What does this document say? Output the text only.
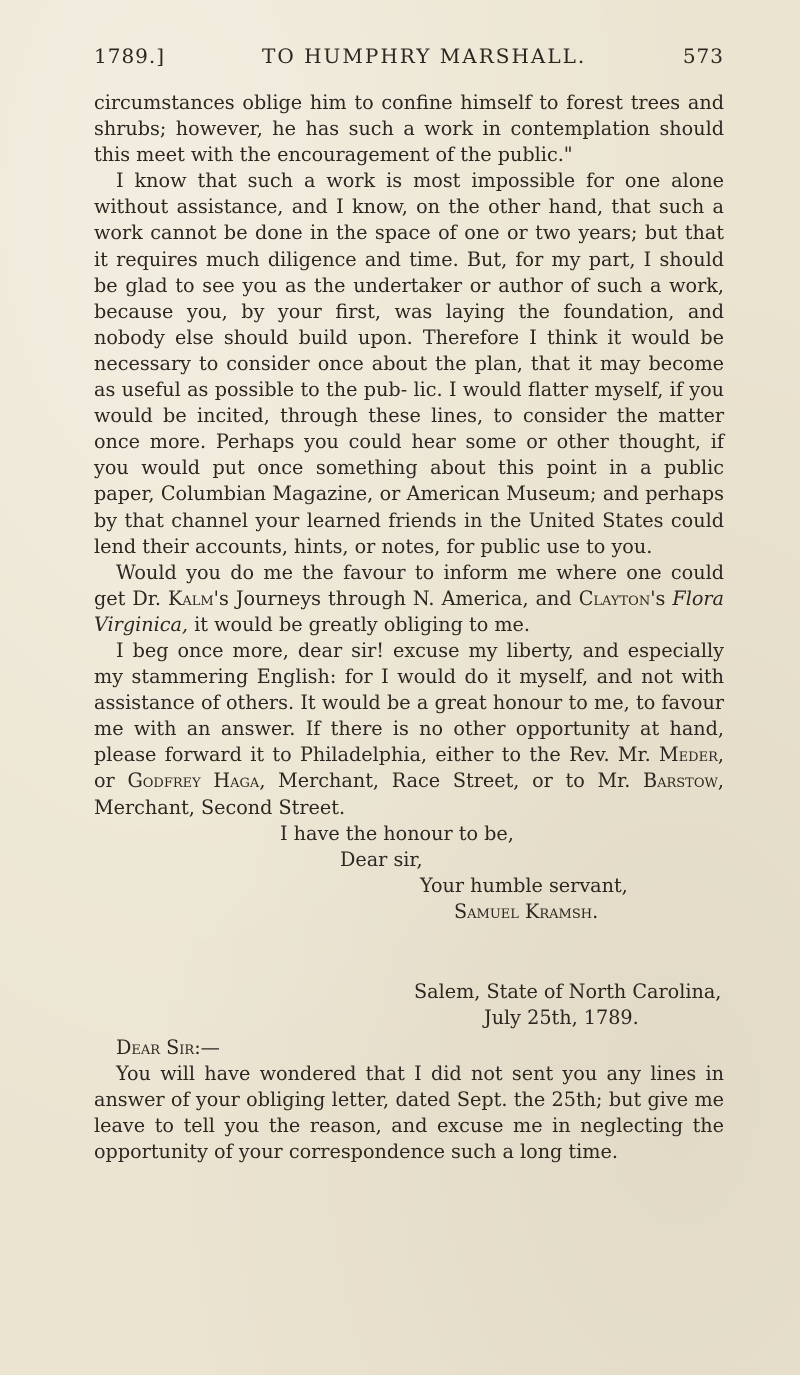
1789.]	TO HUMPHRY MARSHALL.	573

circumstances oblige him to confine himself to forest trees and shrubs; however, he has such a work in contemplation should this meet with the encouragement of the public."

I know that such a work is most impossible for one alone without assistance, and I know, on the other hand, that such a work cannot be done in the space of one or two years; but that it requires much diligence and time. But, for my part, I should be glad to see you as the undertaker or author of such a work, because you, by your first, was laying the foundation, and nobody else should build upon. Therefore I think it would be necessary to consider once about the plan, that it may become as useful as possible to the pub- lic. I would flatter myself, if you would be incited, through these lines, to consider the matter once more. Perhaps you could hear some or other thought, if you would put once something about this point in a public paper, Columbian Magazine, or American Museum; and perhaps by that channel your learned friends in the United States could lend their accounts, hints, or notes, for public use to you.

Would you do me the favour to inform me where one could get Dr. Kalm's Journeys through N. America, and Clayton's Flora Virginica, it would be greatly obliging to me.

I beg once more, dear sir! excuse my liberty, and especially my stammering English: for I would do it myself, and not with assistance of others. It would be a great honour to me, to favour me with an answer. If there is no other opportunity at hand, please forward it to Philadelphia, either to the Rev. Mr. Meder, or Godfrey Haga, Merchant, Race Street, or to Mr. Barstow, Merchant, Second Street.

I have the honour to be,
Dear sir,
Your humble servant,
Samuel Kramsh.
Salem, State of North Carolina,
July 25th, 1789.

Dear Sir:—

You will have wondered that I did not sent you any lines in answer of your obliging letter, dated Sept. the 25th; but give me leave to tell you the reason, and excuse me in neglecting the opportunity of your correspondence such a long time.
